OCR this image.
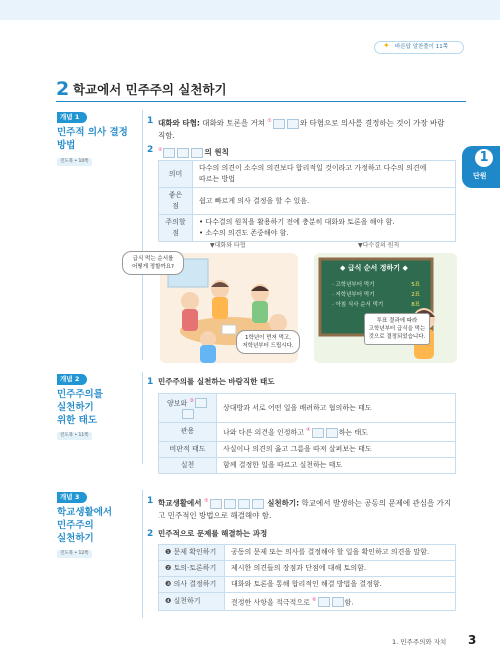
✦ 바른답 알찬풀이 11쪽
2 학교에서 민주주의 실천하기
1
단원
개념 1
민주적 의사 결정
방법
진도북 • 10쪽
1 대화와 타협: 대화와 토론을 거쳐 ①	와 타협으로 의사를 결정하는 것이 가장 바람
직함.
2 ②	의 원칙
의미	다수의 의견이 소수의 의견보다 합리적일 것이라고 가정하고 다수의 의견에
따르는 방법
좋은 점	쉽고 빠르게 의사 결정을 할 수 있음.
주의할 점	• 다수결의 원칙을 활용하기 전에 충분히 대화와 토론을 해야 함.
• 소수의 의견도 존중해야 함.
▼대화와 타협	▼다수결의 원칙
급식 먹는 순서를
어떻게 정할까요?
1학년이 먼저 먹고,
저학년부터 드립시다.
◆ 급식 순서 정하기 ◆
· 고학년부터 먹기	5표
· 저학년부터 먹기	2표
· 아침 식사 순서 먹기	8표
투표 결과에 따라
고학년부터 급식을 먹는
것으로 결정되었습니다.
개념 2
민주주의를
실천하기
위한 태도
진도북 • 11쪽
1 민주주의를 실천하는 바람직한 태도
양보와 ③	상대방과 서로 어떤 일을 배려하고 협의하는 태도
관용	나와 다른 의견을 인정하고 ④ 하는 태도
비판적 태도	사실이나 의견의 옳고 그름을 따져 살펴보는 태도
실천	함께 결정한 일을 따르고 실천하는 태도
개념 3
학교생활에서
민주주의
실천하기
진도북 • 12쪽
1 학교생활에서 ⑤	실천하기: 학교에서 발생하는 공동의 문제에 관심을 가지
고 민주적인 방법으로 해결해야 함.
2 민주적으로 문제를 해결하는 과정
❶ 문제 확인하기	공동의 문제 또는 의사를 결정해야 할 일을 확인하고 의견을 말함.
❷ 토의·토론하기	제시한 의견들의 장점과 단점에 대해 토의함.
❸ 의사 결정하기	대화와 토론을 통해 합리적인 해결 방법을 결정함.
❹ 실천하기	결정한 사항을 적극적으로 ⑥ 함.
1. 민주주의와 자치 3
